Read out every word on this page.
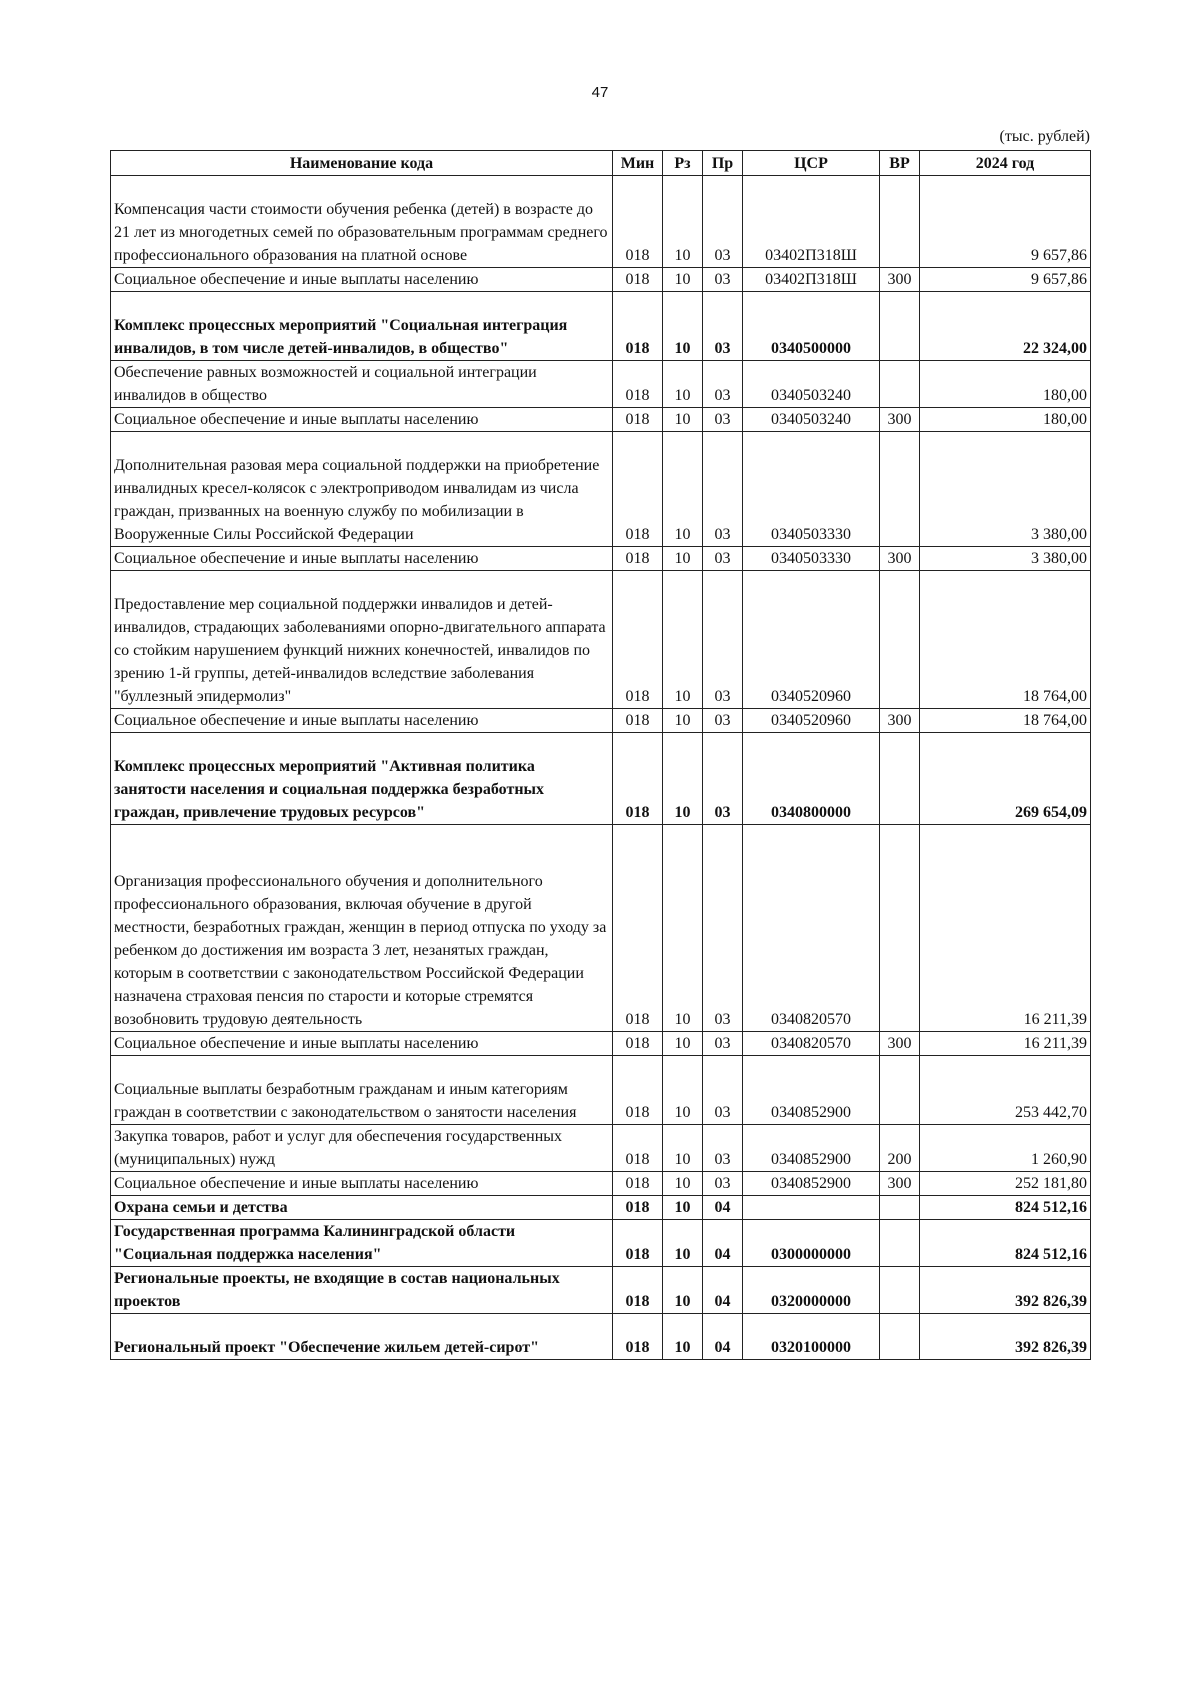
47
(тыс. рублей)
Наименование кода	Мин	Рз	Пр	ЦСР	ВР	2024 год
Компенсация части стоимости обучения ребенка (детей) в возрасте до 21 лет из многодетных семей по образовательным программам среднего профессионального образования на платной основе	018	10	03	03402П318Ш		9 657,86
Социальное обеспечение и иные выплаты населению	018	10	03	03402П318Ш	300	9 657,86
Комплекс процессных мероприятий "Социальная интеграция инвалидов, в том числе детей-инвалидов, в общество"	018	10	03	0340500000		22 324,00
Обеспечение равных возможностей и социальной интеграции инвалидов в общество	018	10	03	0340503240		180,00
Социальное обеспечение и иные выплаты населению	018	10	03	0340503240	300	180,00
Дополнительная разовая мера социальной поддержки на приобретение инвалидных кресел-колясок с электроприводом инвалидам из числа граждан, призванных на военную службу по мобилизации в Вооруженные Силы Российской Федерации	018	10	03	0340503330		3 380,00
Социальное обеспечение и иные выплаты населению	018	10	03	0340503330	300	3 380,00
Предоставление мер социальной поддержки инвалидов и детей-инвалидов, страдающих заболеваниями опорно-двигательного аппарата со стойким нарушением функций нижних конечностей, инвалидов по зрению 1-й группы, детей-инвалидов вследствие заболевания "буллезный эпидермолиз"	018	10	03	0340520960		18 764,00
Социальное обеспечение и иные выплаты населению	018	10	03	0340520960	300	18 764,00
Комплекс процессных мероприятий "Активная политика занятости населения и социальная поддержка безработных граждан, привлечение трудовых ресурсов"	018	10	03	0340800000		269 654,09
Организация профессионального обучения и дополнительного профессионального образования, включая обучение в другой местности, безработных граждан, женщин в период отпуска по уходу за ребенком до достижения им возраста 3 лет, незанятых граждан, которым в соответствии с законодательством Российской Федерации назначена страховая пенсия по старости и которые стремятся возобновить трудовую деятельность	018	10	03	0340820570		16 211,39
Социальное обеспечение и иные выплаты населению	018	10	03	0340820570	300	16 211,39
Социальные выплаты безработным гражданам и иным категориям граждан в соответствии с законодательством о занятости населения	018	10	03	0340852900		253 442,70
Закупка товаров, работ и услуг для обеспечения государственных (муниципальных) нужд	018	10	03	0340852900	200	1 260,90
Социальное обеспечение и иные выплаты населению	018	10	03	0340852900	300	252 181,80
Охрана семьи и детства	018	10	04			824 512,16
Государственная программа Калининградской области "Социальная поддержка населения"	018	10	04	0300000000		824 512,16
Региональные проекты, не входящие в состав национальных проектов	018	10	04	0320000000		392 826,39
Региональный проект "Обеспечение жильем детей-сирот"	018	10	04	0320100000		392 826,39
